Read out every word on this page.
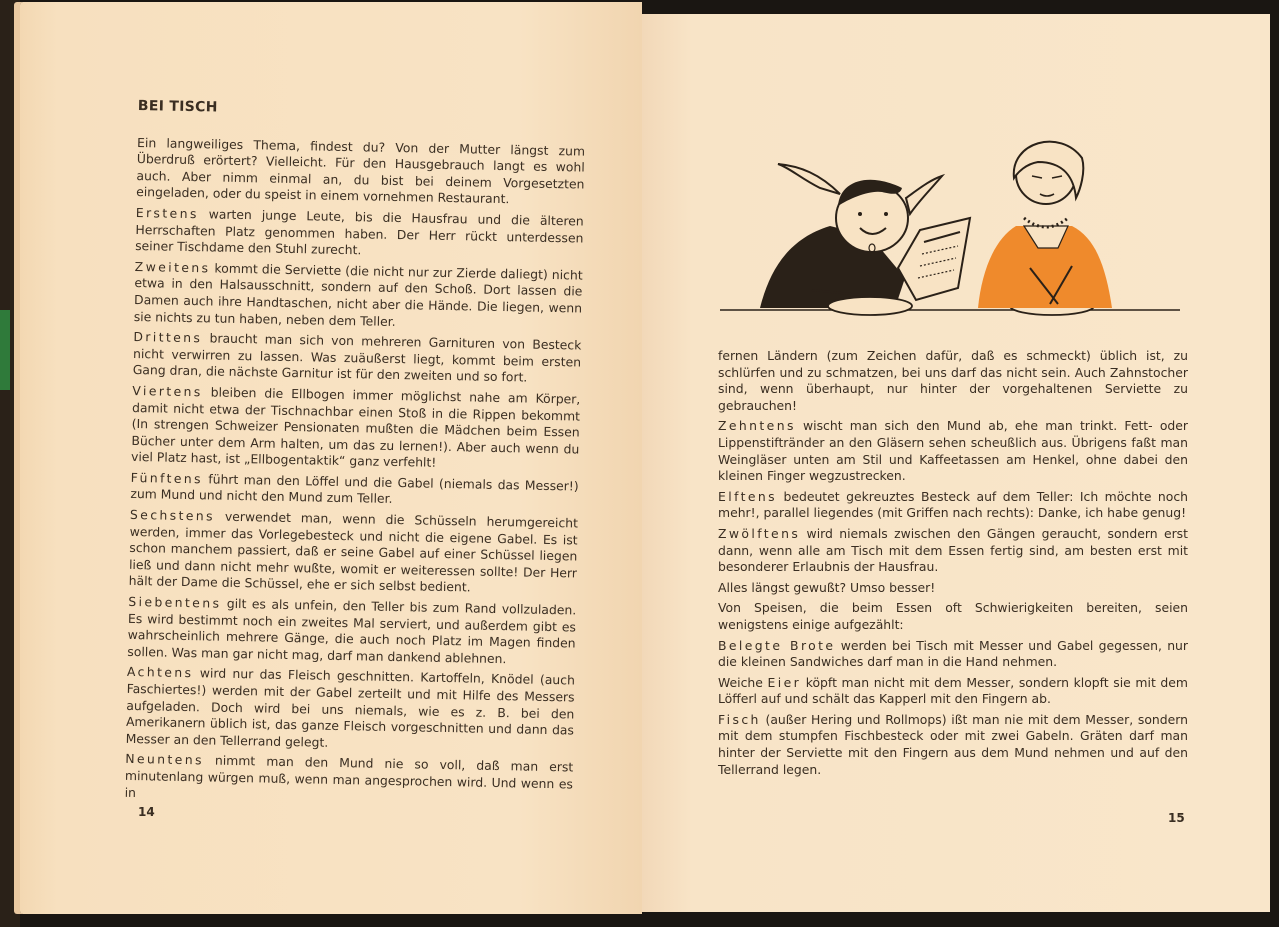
BEI TISCH

Ein langweiliges Thema, findest du? Von der Mutter längst zum Überdruß erörtert? Vielleicht. Für den Hausgebrauch langt es wohl auch. Aber nimm einmal an, du bist bei deinem Vorgesetzten eingeladen, oder du speist in einem vornehmen Restaurant.

Erstens warten junge Leute, bis die Hausfrau und die älteren Herrschaften Platz genommen haben. Der Herr rückt unterdessen seiner Tischdame den Stuhl zurecht.

Zweitens kommt die Serviette (die nicht nur zur Zierde daliegt) nicht etwa in den Halsausschnitt, sondern auf den Schoß. Dort lassen die Damen auch ihre Handtaschen, nicht aber die Hände. Die liegen, wenn sie nichts zu tun haben, neben dem Teller.

Drittens braucht man sich von mehreren Garnituren von Besteck nicht verwirren zu lassen. Was zuäußerst liegt, kommt beim ersten Gang dran, die nächste Garnitur ist für den zweiten und so fort.

Viertens bleiben die Ellbogen immer möglichst nahe am Körper, damit nicht etwa der Tischnachbar einen Stoß in die Rippen bekommt (In strengen Schweizer Pensionaten mußten die Mädchen beim Essen Bücher unter dem Arm halten, um das zu lernen!). Aber auch wenn du viel Platz hast, ist „Ellbogentaktik“ ganz verfehlt!

Fünftens führt man den Löffel und die Gabel (niemals das Messer!) zum Mund und nicht den Mund zum Teller.

Sechstens verwendet man, wenn die Schüsseln herumgereicht werden, immer das Vorlegebesteck und nicht die eigene Gabel. Es ist schon manchem passiert, daß er seine Gabel auf einer Schüssel liegen ließ und dann nicht mehr wußte, womit er weiteressen sollte! Der Herr hält der Dame die Schüssel, ehe er sich selbst bedient.

Siebentens gilt es als unfein, den Teller bis zum Rand vollzuladen. Es wird bestimmt noch ein zweites Mal serviert, und außerdem gibt es wahrscheinlich mehrere Gänge, die auch noch Platz im Magen finden sollen. Was man gar nicht mag, darf man dankend ablehnen.

Achtens wird nur das Fleisch geschnitten. Kartoffeln, Knödel (auch Faschiertes!) werden mit der Gabel zerteilt und mit Hilfe des Messers aufgeladen. Doch wird bei uns niemals, wie es z. B. bei den Amerikanern üblich ist, das ganze Fleisch vorgeschnitten und dann das Messer an den Tellerrand gelegt.

Neuntens nimmt man den Mund nie so voll, daß man erst minutenlang würgen muß, wenn man angesprochen wird. Und wenn es in

14

fernen Ländern (zum Zeichen dafür, daß es schmeckt) üblich ist, zu schlürfen und zu schmatzen, bei uns darf das nicht sein. Auch Zahnstocher sind, wenn überhaupt, nur hinter der vorgehaltenen Serviette zu gebrauchen!

Zehntens wischt man sich den Mund ab, ehe man trinkt. Fett- oder Lippenstiftränder an den Gläsern sehen scheußlich aus. Übrigens faßt man Weingläser unten am Stil und Kaffeetassen am Henkel, ohne dabei den kleinen Finger wegzustrecken.

Elftens bedeutet gekreuztes Besteck auf dem Teller: Ich möchte noch mehr!, parallel liegendes (mit Griffen nach rechts): Danke, ich habe genug!

Zwölftens wird niemals zwischen den Gängen geraucht, sondern erst dann, wenn alle am Tisch mit dem Essen fertig sind, am besten erst mit besonderer Erlaubnis der Hausfrau.

Alles längst gewußt? Umso besser!

Von Speisen, die beim Essen oft Schwierigkeiten bereiten, seien wenigstens einige aufgezählt:

Belegte Brote werden bei Tisch mit Messer und Gabel gegessen, nur die kleinen Sandwiches darf man in die Hand nehmen.

Weiche Eier köpft man nicht mit dem Messer, sondern klopft sie mit dem Löfferl auf und schält das Kapperl mit den Fingern ab.

Fisch (außer Hering und Rollmops) ißt man nie mit dem Messer, sondern mit dem stumpfen Fischbesteck oder mit zwei Gabeln. Gräten darf man hinter der Serviette mit den Fingern aus dem Mund nehmen und auf den Tellerrand legen.

15
